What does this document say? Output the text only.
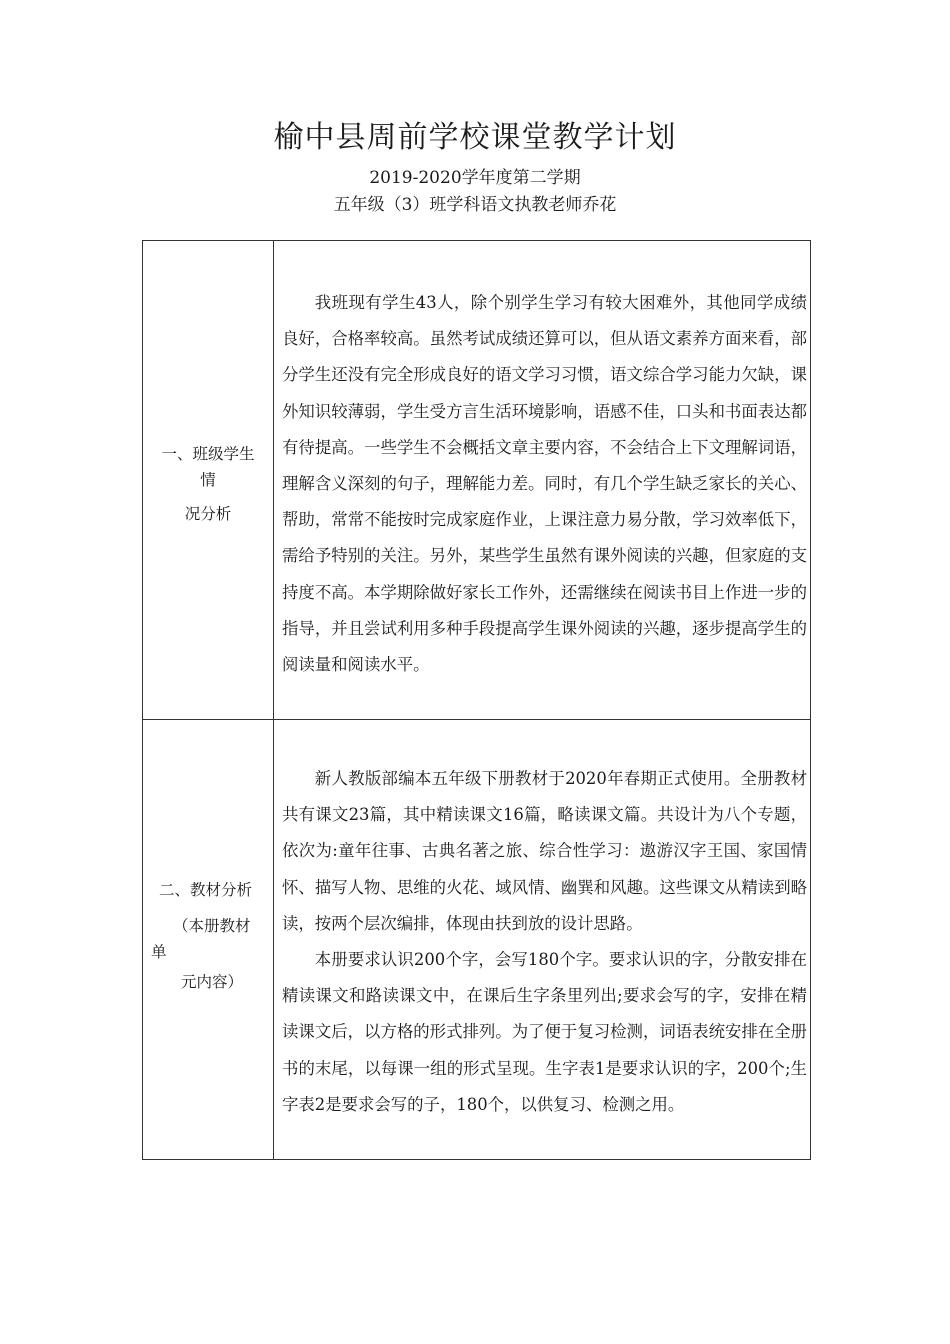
榆中县周前学校课堂教学计划
2019-2020学年度第二学期
五年级（3）班学科语文执教老师乔花
一、班级学生
情
况分析

我班现有学生43人，除个别学生学习有较大困难外，其他同学成绩良好，合格率较高。虽然考试成绩还算可以，但从语文素养方面来看，部分学生还没有完全形成良好的语文学习习惯，语文综合学习能力欠缺，课外知识较薄弱，学生受方言生活环境影响，语感不佳，口头和书面表达都有待提高。一些学生不会概括文章主要内容，不会结合上下文理解词语，理解含义深刻的句子，理解能力差。同时，有几个学生缺乏家长的关心、帮助，常常不能按时完成家庭作业，上课注意力易分散，学习效率低下，需给予特别的关注。另外，某些学生虽然有课外阅读的兴趣，但家庭的支持度不高。本学期除做好家长工作外，还需继续在阅读书目上作进一步的指导，并且尝试利用多种手段提高学生课外阅读的兴趣，逐步提高学生的阅读量和阅读水平。

二、教材分析
（本册教材
单
元内容）

新人教版部编本五年级下册教材于2020年春期正式使用。全册教材共有课文23篇，其中精读课文16篇，略读课文篇。共设计为八个专题，依次为:童年往事、古典名著之旅、综合性学习：遨游汉字王国、家国情怀、描写人物、思维的火花、域风情、幽巽和风趣。这些课文从精读到略读，按两个层次编排，体现由扶到放的设计思路。

本册要求认识200个字，会写180个字。要求认识的字，分散安排在精读课文和路读课文中，在课后生字条里列出;要求会写的字，安排在精读课文后，以方格的形式排列。为了便于复习检测，词语表统安排在全册书的末尾，以每课一组的形式呈现。生字表1是要求认识的字，200个;生字表2是要求会写的子，180个，以供复习、检测之用。
